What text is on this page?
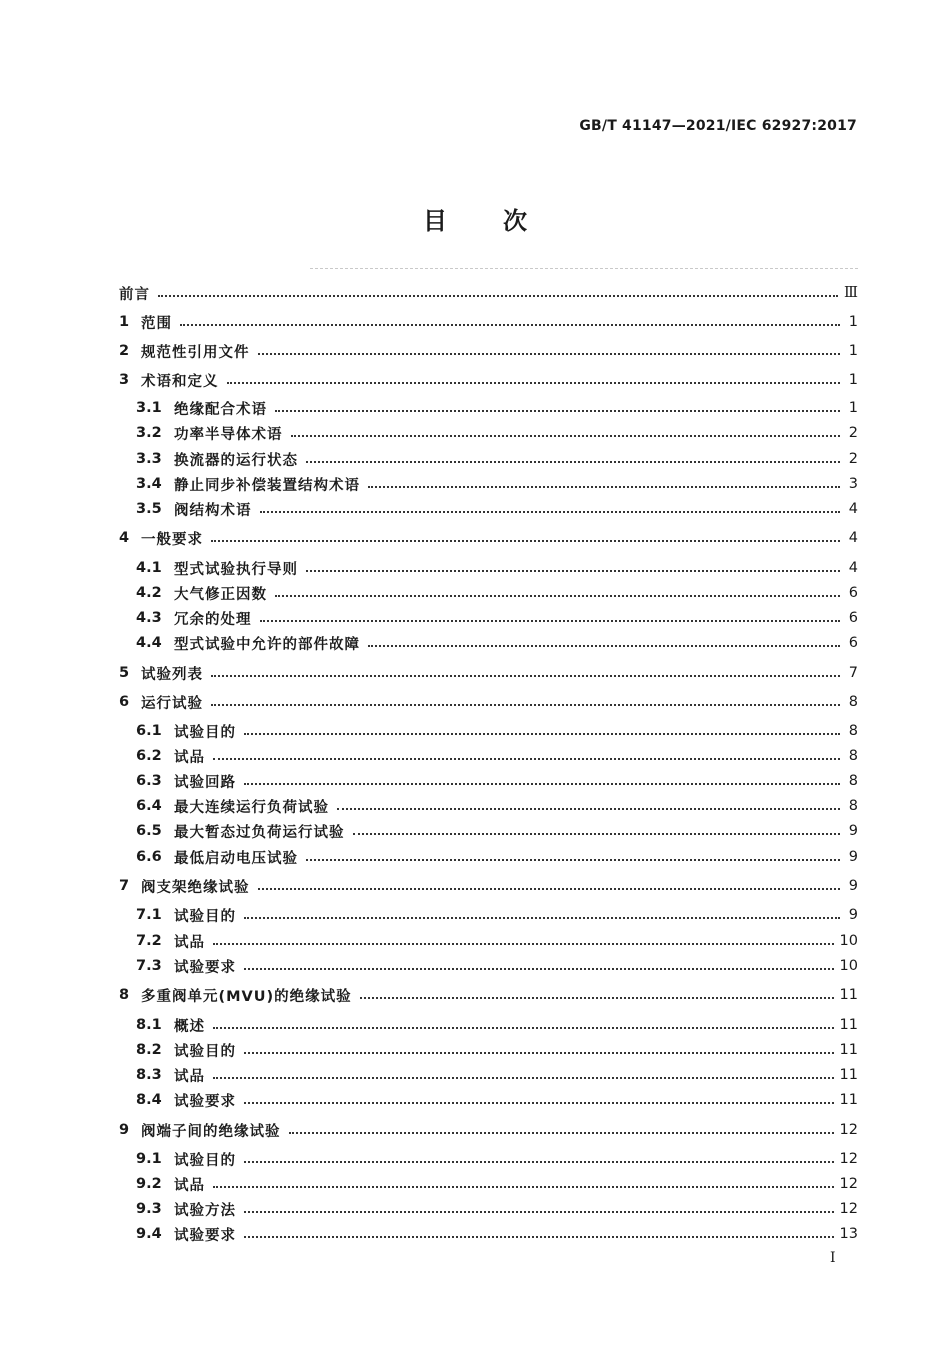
GB/T 41147—2021/IEC 62927:2017
目次
前言	Ⅲ
1 范围	1
2 规范性引用文件	1
3 术语和定义	1
3.1 绝缘配合术语	1
3.2 功率半导体术语	2
3.3 换流器的运行状态	2
3.4 静止同步补偿装置结构术语	3
3.5 阀结构术语	4
4 一般要求	4
4.1 型式试验执行导则	4
4.2 大气修正因数	6
4.3 冗余的处理	6
4.4 型式试验中允许的部件故障	6
5 试验列表	7
6 运行试验	8
6.1 试验目的	8
6.2 试品	8
6.3 试验回路	8
6.4 最大连续运行负荷试验	8
6.5 最大暂态过负荷运行试验	9
6.6 最低启动电压试验	9
7 阀支架绝缘试验	9
7.1 试验目的	9
7.2 试品	10
7.3 试验要求	10
8 多重阀单元(MVU)的绝缘试验	11
8.1 概述	11
8.2 试验目的	11
8.3 试品	11
8.4 试验要求	11
9 阀端子间的绝缘试验	12
9.1 试验目的	12
9.2 试品	12
9.3 试验方法	12
9.4 试验要求	13
I
